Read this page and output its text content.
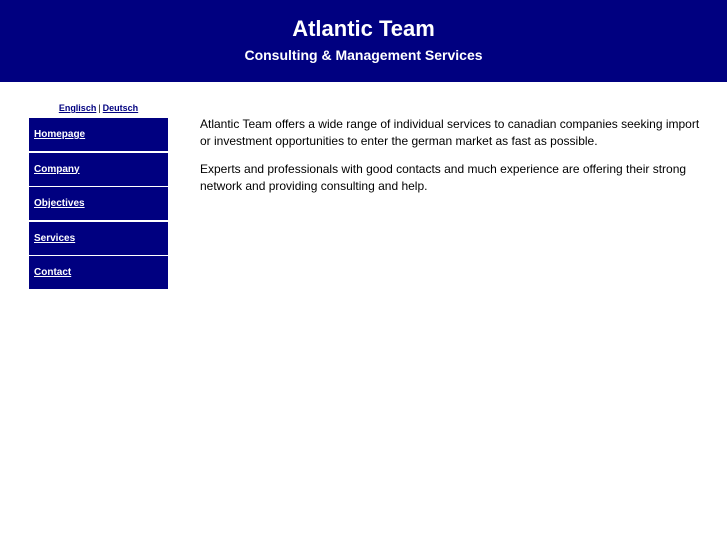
Atlantic Team
Consulting & Management Services
Englisch | Deutsch
Homepage
Company
Objectives
Services
Contact

Atlantic Team offers a wide range of individual services to canadian companies seeking import or investment opportunities to enter the german market as fast as possible.

Experts and professionals with good contacts and much experience are offering their strong network and providing consulting and help.
